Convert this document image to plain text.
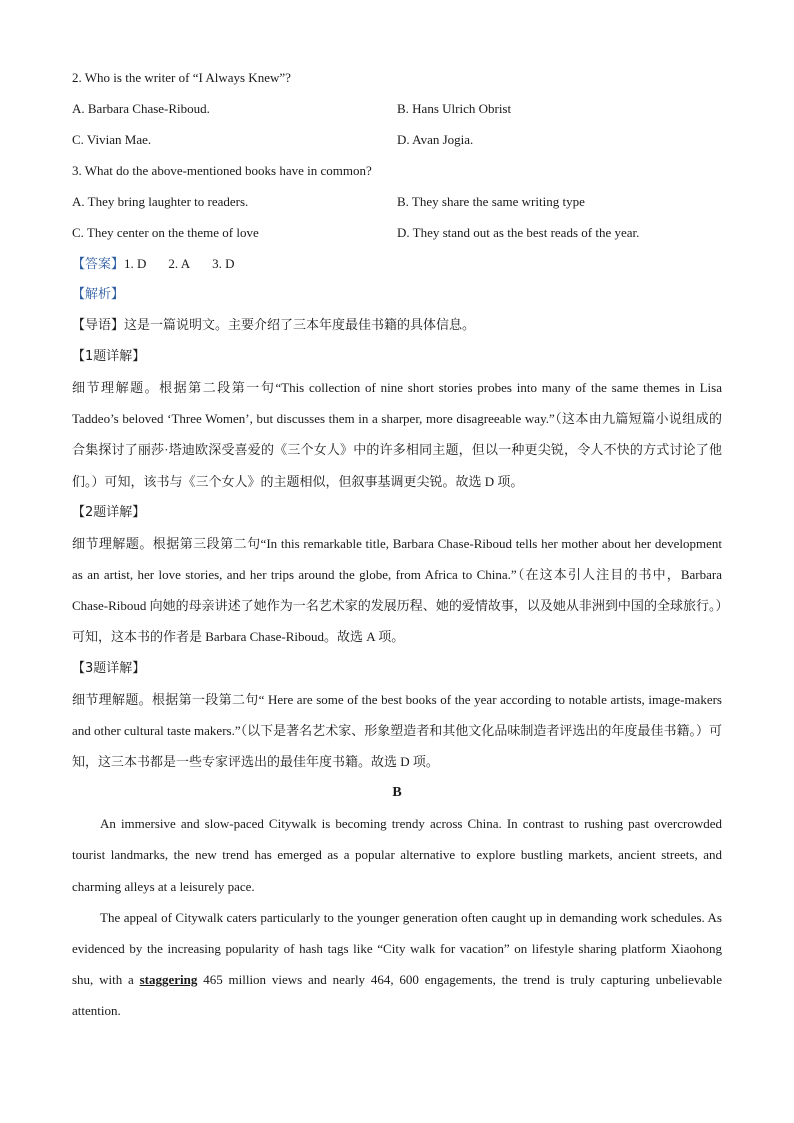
2. Who is the writer of “I Always Knew”?
A. Barbara Chase-Riboud.	B. Hans Ulrich Obrist
C. Vivian Mae.	D. Avan Jogia.
3. What do the above-mentioned books have in common?
A. They bring laughter to readers.	B. They share the same writing type
C. They center on the theme of love	D. They stand out as the best reads of the year.
【答案】1. D 2. A 3. D
【解析】
【导语】这是一篇说明文。主要介绍了三本年度最佳书籍的具体信息。
【1题详解】

细节理解题。根据第二段第一句“This collection of nine short stories probes into many of the same themes in Lisa Taddeo’s beloved ‘Three Women’, but discusses them in a sharper, more disagreeable way.”（这本由九篇短篇小说组成的合集探讨了丽莎·塔迪欧深受喜爱的《三个女人》中的许多相同主题，但以一种更尖锐，令人不快的方式讨论了他们。）可知，该书与《三个女人》的主题相似，但叙事基调更尖锐。故选 D 项。

【2题详解】

细节理解题。根据第三段第二句“In this remarkable title, Barbara Chase-Riboud tells her mother about her development as an artist, her love stories, and her trips around the globe, from Africa to China.”（在这本引人注目的书中，Barbara Chase-Riboud 向她的母亲讲述了她作为一名艺术家的发展历程、她的爱情故事，以及她从非洲到中国的全球旅行。）可知，这本书的作者是 Barbara Chase-Riboud。故选 A 项。

【3题详解】

细节理解题。根据第一段第二句“ Here are some of the best books of the year according to notable artists, image-makers and other cultural taste makers.”（以下是著名艺术家、形象塑造者和其他文化品味制造者评选出的年度最佳书籍。）可知，这三本书都是一些专家评选出的最佳年度书籍。故选 D 项。

B

An immersive and slow-paced Citywalk is becoming trendy across China. In contrast to rushing past overcrowded tourist landmarks, the new trend has emerged as a popular alternative to explore bustling markets, ancient streets, and charming alleys at a leisurely pace.

The appeal of Citywalk caters particularly to the younger generation often caught up in demanding work schedules. As evidenced by the increasing popularity of hash tags like “City walk for vacation” on lifestyle sharing platform Xiaohong shu, with a staggering 465 million views and nearly 464, 600 engagements, the trend is truly capturing unbelievable attention.
